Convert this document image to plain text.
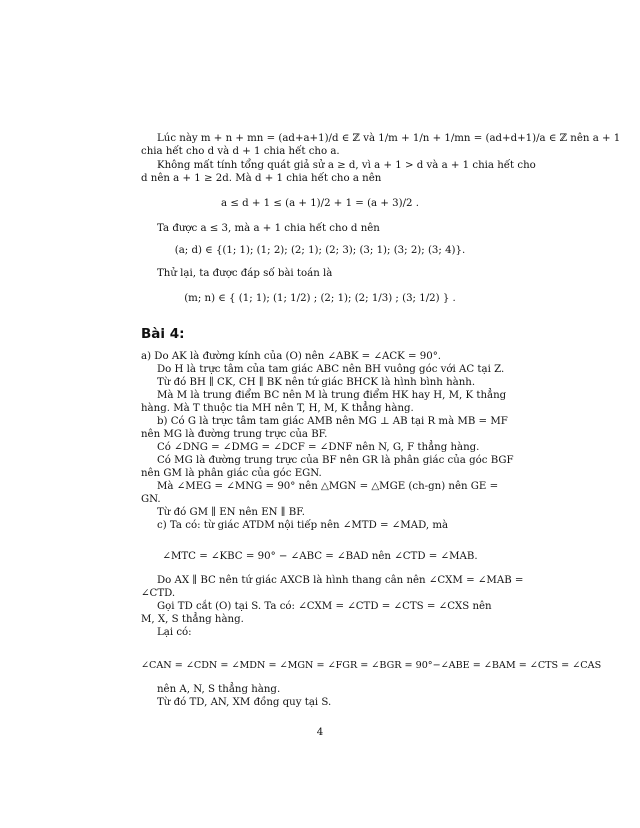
Lúc này m + n + mn = (ad+a+1)/d ∈ ℤ và 1/m + 1/n + 1/mn = (ad+d+1)/a ∈ ℤ nên a + 1
chia hết cho d và d + 1 chia hết cho a.
Không mất tính tổng quát giả sử a ≥ d, vì a + 1 > d và a + 1 chia hết cho
d nên a + 1 ≥ 2d. Mà d + 1 chia hết cho a nên
a ≤ d + 1 ≤ (a + 1)/2 + 1 = (a + 3)/2 .
Ta được a ≤ 3, mà a + 1 chia hết cho d nên
(a; d) ∈ {(1; 1); (1; 2); (2; 1); (2; 3); (3; 1); (3; 2); (3; 4)}.
Thử lại, ta được đáp số bài toán là
(m; n) ∈ { (1; 1); (1; 1/2) ; (2; 1); (2; 1/3) ; (3; 1/2) } .
Bài 4:
a) Do AK là đường kính của (O) nên ∠ABK = ∠ACK = 90°.
Do H là trực tâm của tam giác ABC nên BH vuông góc với AC tại Z.
Từ đó BH ∥ CK, CH ∥ BK nên tứ giác BHCK là hình bình hành.
Mà M là trung điểm BC nên M là trung điểm HK hay H, M, K thẳng
hàng. Mà T thuộc tia MH nên T, H, M, K thẳng hàng.
b) Có G là trực tâm tam giác AMB nên MG ⊥ AB tại R mà MB = MF
nên MG là đường trung trực của BF.
Có ∠DNG = ∠DMG = ∠DCF = ∠DNF nên N, G, F thẳng hàng.
Có MG là đường trung trực của BF nên GR là phân giác của góc BGF
nên GM là phân giác của góc EGN.
Mà ∠MEG = ∠MNG = 90° nên △MGN = △MGE (ch-gn) nên GE =
GN.
Từ đó GM ∥ EN nên EN ∥ BF.
c) Ta có: từ giác ATDM nội tiếp nên ∠MTD = ∠MAD, mà
∠MTC = ∠KBC = 90° − ∠ABC = ∠BAD nên ∠CTD = ∠MAB.
Do AX ∥ BC nên tứ giác AXCB là hình thang cân nên ∠CXM = ∠MAB =
∠CTD.
Gọi TD cắt (O) tại S. Ta có: ∠CXM = ∠CTD = ∠CTS = ∠CXS nên
M, X, S thẳng hàng.
Lại có:
∠CAN = ∠CDN = ∠MDN = ∠MGN = ∠FGR = ∠BGR = 90°−∠ABE = ∠BAM = ∠CTS = ∠CAS
nên A, N, S thẳng hàng.
Từ đó TD, AN, XM đồng quy tại S.
4
